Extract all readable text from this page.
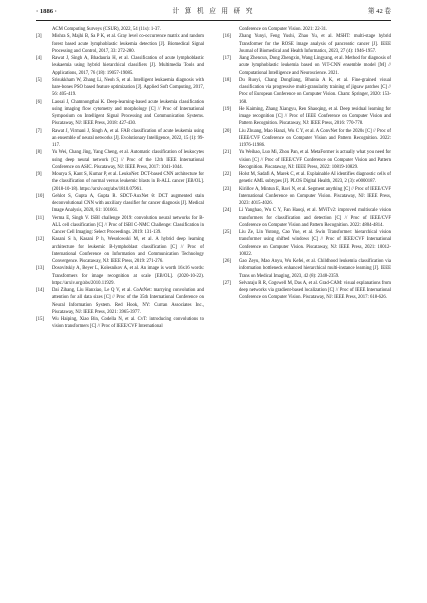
· 1886 ·	计 算 机 应 用 研 究	第 42 卷

ACM Computing Surveys (CSUR), 2022, 54 (11s): 1-37.

[3] Mishra S, Majhi B, Sa P K, et al. Gray level co-occurrence matrix and random forest based acute lymphoblastic leukemia detection [J]. Biomedical Signal Processing and Control, 2017, 33: 272-280.

[4] Rawat J, Singh A, Bhadauria H, et al. Classification of acute lymphoblastic leukaemia using hybrid hierarchical classifiers [J]. Multimedia Tools and Applications, 2017, 76 (18): 19057-19085.

[5] Srisukkham W, Zhang Li, Neoh S, et al. Intelligent leukaemia diagnosis with bare-bones PSO based feature optimization [J]. Applied Soft Computing, 2017, 56: 405-419.

[6] Laosai J, Chamnongthai K. Deep-learning-based acute leukemia classification using imaging flow cytometry and morphology [C] // Proc of International Symposium on Intelligent Signal Processing and Communication Systems. Piscataway, NJ: IEEE Press, 2018: 427-430.

[7] Rawat J, Virmani J, Singh A, et al. FAB classification of acute leukemia using an ensemble of neural networks [J]. Evolutionary Intelligence, 2022, 15 (1): 99-117.

[8] Yu Wei, Chang Jing, Yang Cheng, et al. Automatic classification of leukocytes using deep neural network [C] // Proc of the 12th IEEE International Conference on ASIC. Piscataway, NJ: IEEE Press, 2017: 1041-1044.

[9] Mourya S, Kant S, Kumar P, et al. LeukoNet: DCT-based CNN architecture for the classification of normal versus leukemic blasts in B-ALL cancer [EB/OL]. (2018-10-18). https://arxiv.org/abs/1810.07961.

[10] Gehlot S, Gupta A, Gupta R. SDCT-AuxNet θ: DCT augmented stain deconvolutional CNN with auxiliary classifier for cancer diagnosis [J]. Medical Image Analysis, 2020, 61: 101661.

[11] Verma E, Singh V. ISBI challenge 2019: convolution neural networks for B-ALL cell classification [C] // Proc of ISBI C-NMC Challenge: Classification in Cancer Cell Imaging: Select Proceedings. 2019: 131-139.

[12] Kasani S h, Kasani P h, Wesolowski M, et al. A hybrid deep learning architecture for leukemic B-lymphoblast classification [C] // Proc of International Conference on Information and Communication Technology Convergence. Piscataway, NJ: IEEE Press, 2019: 271-276.

[13] Dosovitskiy A, Beyer L, Kolesnikov A, et al. An image is worth 16x16 words: Transformers for image recognition at scale [EB/OL]. (2020-10-22). https://arxiv.org/abs/2010.11929.

[14] Dai Zihang, Liu Hanxiao, Le Q V, et al. CoAtNet: marrying convolution and attention for all data sizes [C] // Proc of the 35th International Conference on Neural Information System. Red Hook, NY: Curran Associates Inc., Piscataway, NJ: IEEE Press, 2021: 3965-3977.

[15] Wu Haiping, Xiao Bin, Codella N, et al. CvT: introducing convolutions to vision transformers [C] // Proc of IEEE/CVF International

Conference on Computer Vision. 2021: 22-31.

[16] Zhang Yunyi, Feng Yushi, Zhao Yu, et al. MSHT: multi-stage hybrid Transformer for the ROSE image analysis of pancreatic cancer [J]. IEEE Journal of Biomedical and Health Informatics, 2023, 27 (4): 1946-1957.

[17] Jiang Zhencun, Dong Zhengxin, Wang Lingyang, et al. Method for diagnosis of acute lymphoblastic leukemia based on ViT-CNN ensemble model [M] // Computational Intelligence and Neuroscience. 2021.

[18] Du Ruoyi, Chang Dongliang, Bhunia A K, et al. Fine-grained visual classification via progressive multi-granularity training of jigsaw patches [C] // Proc of European Conference on Computer Vision. Cham: Springer, 2020: 153-168.

[19] He Kaiming, Zhang Xiangyu, Ren Shaoqing, et al. Deep residual learning for image recognition [C] // Proc of IEEE Conference on Computer Vision and Pattern Recognition. Piscataway, NJ: IEEE Press, 2016: 770-778.

[20] Liu Zhuang, Mao Hanzi, Wu C Y, et al. A ConvNet for the 2020s [C] // Proc of IEEE/CVF Conference on Computer Vision and Pattern Recognition. 2022: 11976-11986.

[21] Yu Weihao, Luo Mi, Zhou Pan, et al. MetaFormer is actually what you need for vision [C] // Proc of IEEE/CVF Conference on Computer Vision and Pattern Recognition. Piscataway, NJ: IEEE Press, 2022: 10819-10829.

[22] Holst M, Sadafi A, Marek C, et al. Explainable AI identifies diagnostic cells of genetic AML subtypes [J]. PLOS Digital Health, 2023, 2 (3): e0000187.

[23] Kirillov A, Mintun E, Ravi N, et al. Segment anything [C] // Proc of IEEE/CVF International Conference on Computer Vision. Piscataway, NJ: IEEE Press, 2023: 4015-4026.

[24] Li Yanghao, Wu C Y, Fan Haoqi, et al. MViTv2: improved multiscale vision transformers for classification and detection [C] // Proc of IEEE/CVF Conference on Computer Vision and Pattern Recognition. 2022: 4804-4814.

[25] Liu Ze, Lin Yutong, Cao Yue, et al. Swin Transformer: hierarchical vision transformer using shifted windows [C] // Proc of IEEE/CVF International Conference on Computer Vision. Piscataway, NJ: IEEE Press, 2021: 10012-10022.

[26] Gao Zeyu, Mao Anyu, Wu Kefei, et al. Childhood leukemia classification via information bottleneck enhanced hierarchical multi-instance learning [J]. IEEE Trans on Medical Imaging, 2023, 42 (8): 2348-2359.

[27] Selvaraju R R, Cogswell M, Das A, et al. Grad-CAM: visual explanations from deep networks via gradient-based localization [C] // Proc of IEEE International Conference on Computer Vision. Piscataway, NJ: IEEE Press, 2017: 618-626.
